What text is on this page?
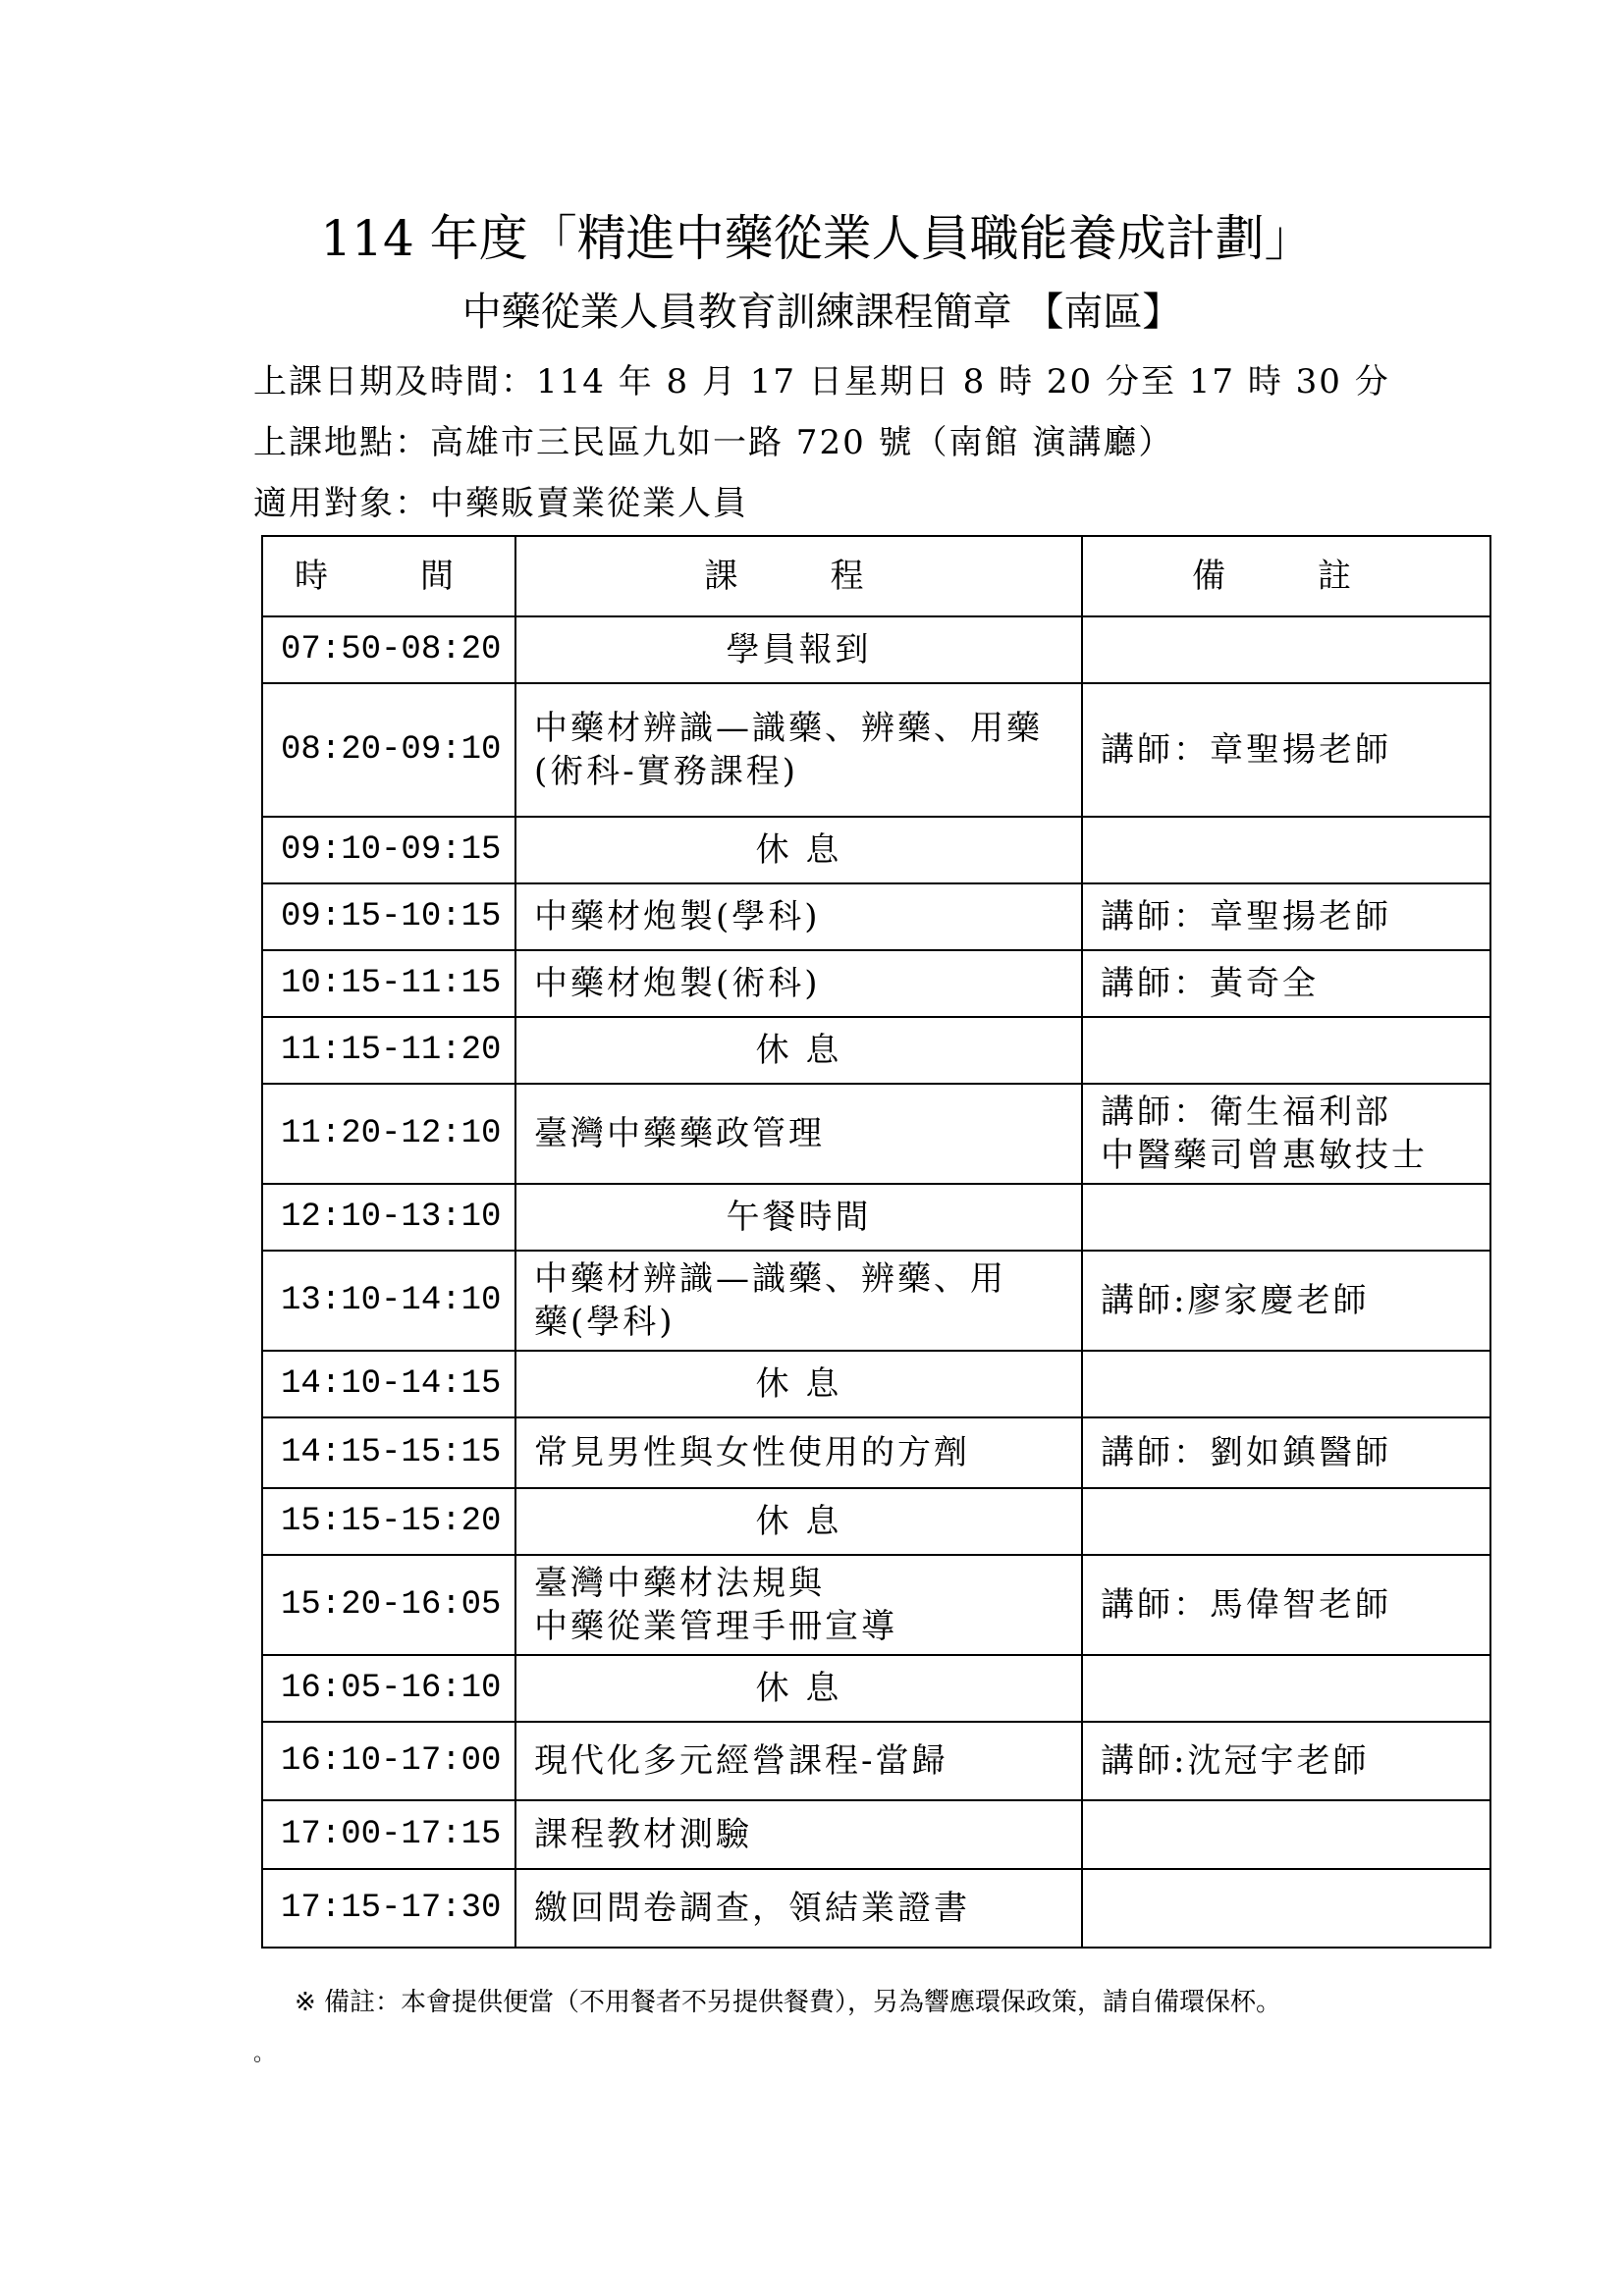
114 年度「精進中藥從業人員職能養成計劃」
中藥從業人員教育訓練課程簡章 【南區】
上課日期及時間：114 年 8 月 17 日星期日 8 時 20 分至 17 時 30 分
上課地點：高雄市三民區九如一路 720 號（南館 演講廳）
適用對象：中藥販賣業從業人員
時　間	課　程	備　註
07:50-08:20	學員報到	

08:20-09:10	中藥材辨識—識藥、辨藥、用藥
(術科-實務課程)	講師：章聖揚老師

09:10-09:15	休 息	

09:15-10:15	中藥材炮製(學科)	講師：章聖揚老師

10:15-11:15	中藥材炮製(術科)	講師：黃奇全

11:15-11:20	休 息	

11:20-12:10	臺灣中藥藥政管理	講師：衛生福利部
中醫藥司曾惠敏技士

12:10-13:10	午餐時間	

13:10-14:10	中藥材辨識—識藥、辨藥、用
藥(學科)	講師:廖家慶老師

14:10-14:15	休 息	

14:15-15:15	常見男性與女性使用的方劑	講師：劉如鎮醫師

15:15-15:20	休 息	

15:20-16:05	臺灣中藥材法規與
中藥從業管理手冊宣導	講師：馬偉智老師

16:05-16:10	休 息	

16:10-17:00	現代化多元經營課程-當歸	講師:沈冠宇老師

17:00-17:15	課程教材測驗	

17:15-17:30	繳回問卷調查，領結業證書	

※ 備註：本會提供便當（不用餐者不另提供餐費），另為響應環保政策，請自備環保杯。
。
